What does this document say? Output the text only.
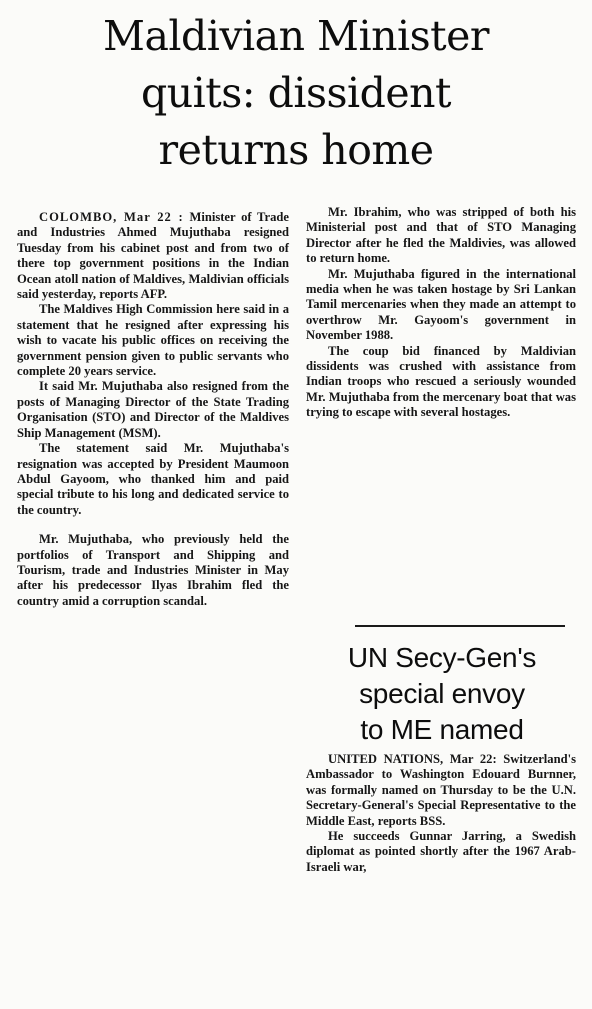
Maldivian Minister
quits: dissident
returns home

COLOMBO, Mar 22 : Minister of Trade and Industries Ahmed Mujuthaba resigned Tuesday from his cabinet post and from two of there top government positions in the Indian Ocean atoll nation of Maldives, Maldivian officials said yesterday, reports AFP.

The Maldives High Commission here said in a statement that he resigned after expressing his wish to vacate his public offices on receiving the government pension given to public servants who complete 20 years service.

It said Mr. Mujuthaba also resigned from the posts of Managing Director of the State Trading Organisation (STO) and Director of the Maldives Ship Management (MSM).

The statement said Mr. Mujuthaba's resignation was accepted by President Maumoon Abdul Gayoom, who thanked him and paid special tribute to his long and dedicated service to the country.

Mr. Mujuthaba, who previously held the portfolios of Transport and Shipping and Tourism, trade and Industries Minister in May after his predecessor Ilyas Ibrahim fled the country amid a corruption scandal.

Mr. Ibrahim, who was stripped of both his Ministerial post and that of STO Managing Director after he fled the Maldivies, was allowed to return home.

Mr. Mujuthaba figured in the international media when he was taken hostage by Sri Lankan Tamil mercenaries when they made an attempt to overthrow Mr. Gayoom's government in November 1988.

The coup bid financed by Maldivian dissidents was crushed with assistance from Indian troops who rescued a seriously wounded Mr. Mujuthaba from the mercenary boat that was trying to escape with several hostages.

UN Secy-Gen's
special envoy
to ME named

UNITED NATIONS, Mar 22: Switzerland's Ambassador to Washington Edouard Burnner, was formally named on Thursday to be the U.N. Secretary-General's Special Representative to the Middle East, reports BSS.

He succeeds Gunnar Jarring, a Swedish diplomat as pointed shortly after the 1967 Arab-Israeli war,
